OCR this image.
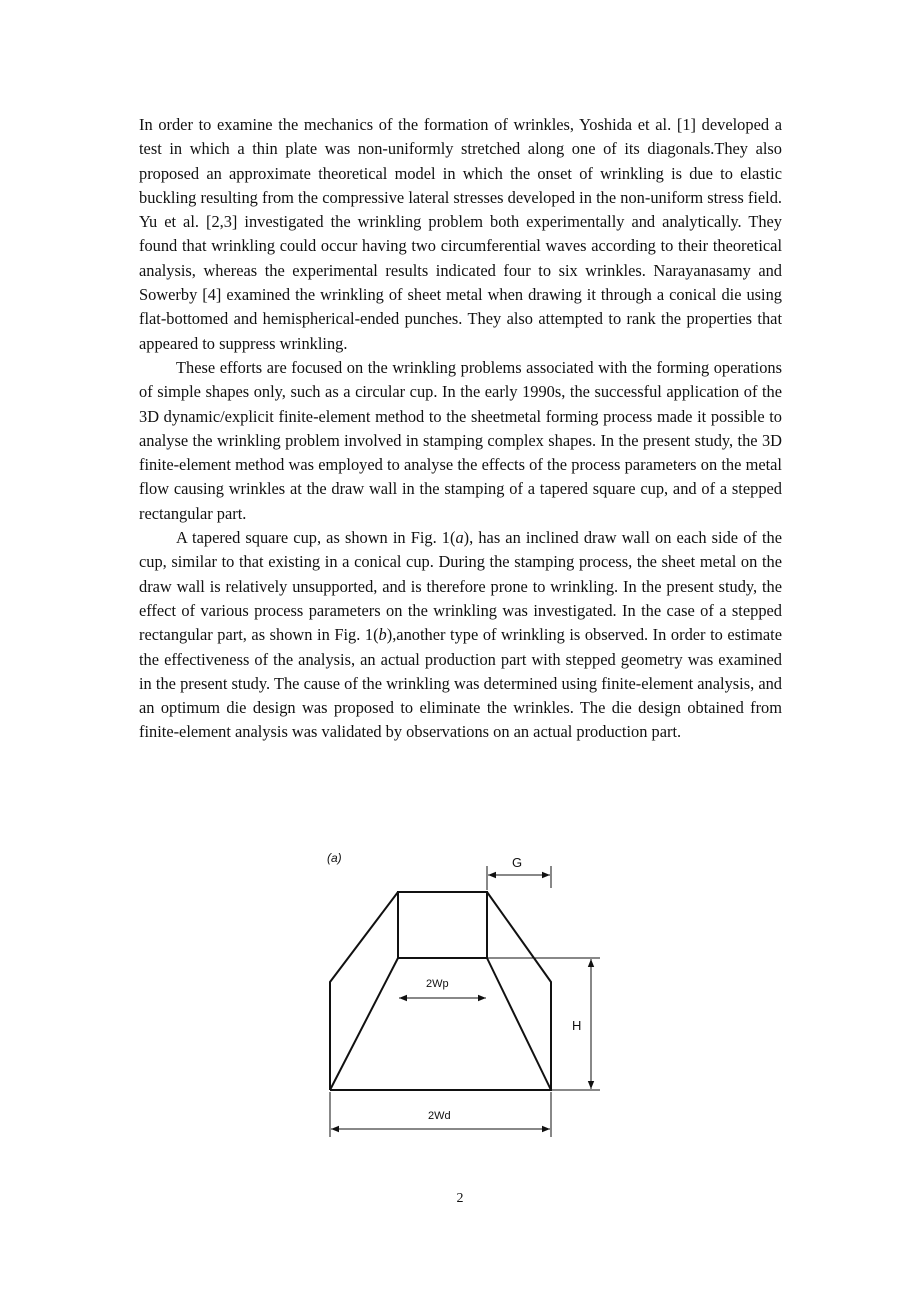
In order to examine the mechanics of the formation of wrinkles, Yoshida et al. [1] developed a test in which a thin plate was non-uniformly stretched along one of its diagonals.They also proposed an approximate theoretical model in which the onset of wrinkling is due to elastic buckling resulting from the compressive lateral stresses developed in the non-uniform stress field. Yu et al. [2,3] investigated the wrinkling problem both experimentally and analytically. They found that wrinkling could occur having two circumferential waves according to their theoretical analysis, whereas the experimental results indicated four to six wrinkles. Narayanasamy and Sowerby [4] examined the wrinkling of sheet metal when drawing it through a conical die using flat-bottomed and hemispherical-ended punches. They also attempted to rank the properties that appeared to suppress wrinkling.

These efforts are focused on the wrinkling problems associated with the forming operations of simple shapes only, such as a circular cup. In the early 1990s, the successful application of the 3D dynamic/explicit finite-element method to the sheetmetal forming process made it possible to analyse the wrinkling problem involved in stamping complex shapes. In the present study, the 3D finite-element method was employed to analyse the effects of the process parameters on the metal flow causing wrinkles at the draw wall in the stamping of a tapered square cup, and of a stepped rectangular part.

A tapered square cup, as shown in Fig. 1(a), has an inclined draw wall on each side of the cup, similar to that existing in a conical cup. During the stamping process, the sheet metal on the draw wall is relatively unsupported, and is therefore prone to wrinkling. In the present study, the effect of various process parameters on the wrinkling was investigated. In the case of a stepped rectangular part, as shown in Fig. 1(b),another type of wrinkling is observed. In order to estimate the effectiveness of the analysis, an actual production part with stepped geometry was examined in the present study. The cause of the wrinkling was determined using finite-element analysis, and an optimum die design was proposed to eliminate the wrinkles. The die design obtained from finite-element analysis was validated by observations on an actual production part.

(a)	G
H
2Wp
2Wd
2
